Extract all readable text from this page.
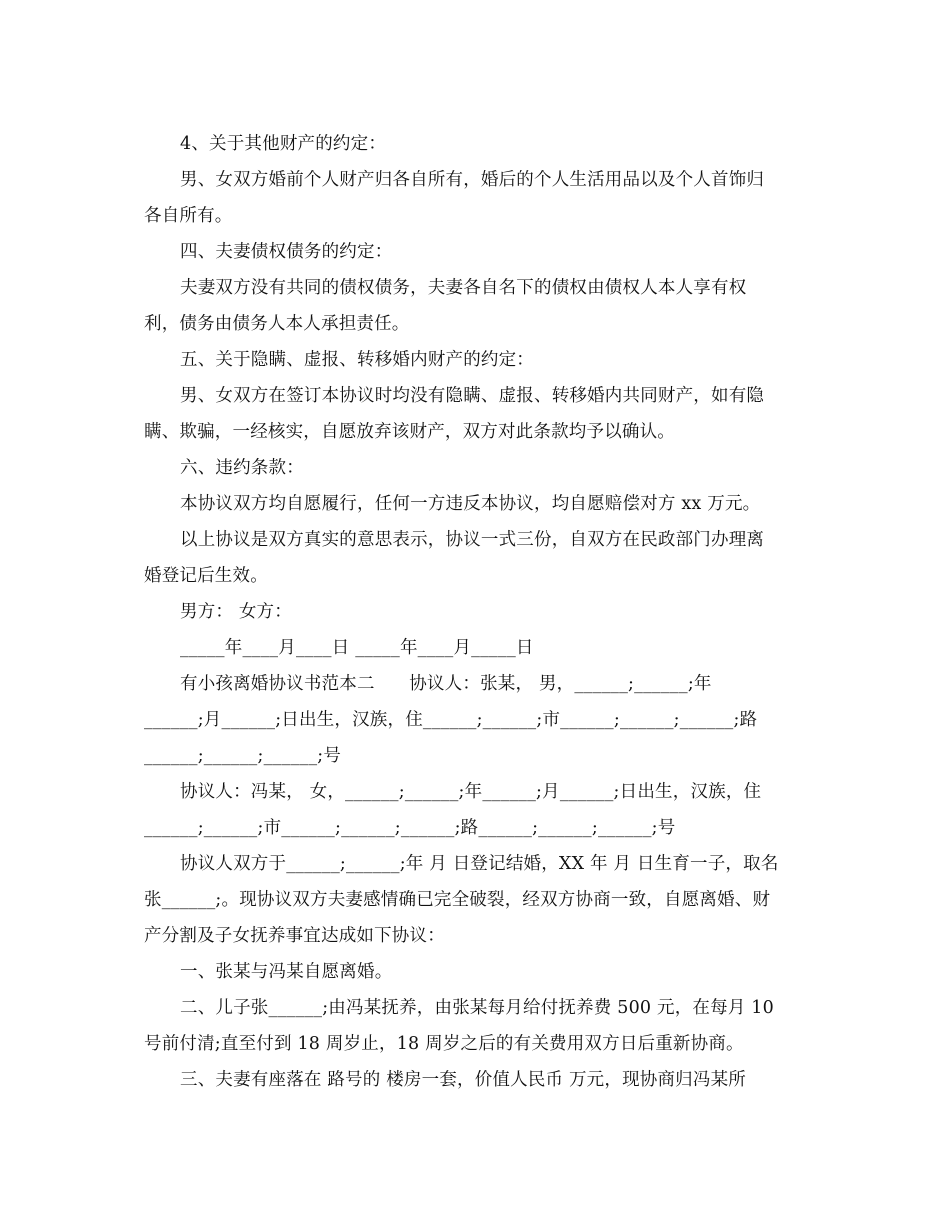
4、关于其他财产的约定：
男、女双方婚前个人财产归各自所有，婚后的个人生活用品以及个人首饰归
各自所有。
四、夫妻债权债务的约定：
夫妻双方没有共同的债权债务，夫妻各自名下的债权由债权人本人享有权
利，债务由债务人本人承担责任。
五、关于隐瞒、虚报、转移婚内财产的约定：
男、女双方在签订本协议时均没有隐瞒、虚报、转移婚内共同财产，如有隐
瞒、欺骗，一经核实，自愿放弃该财产，双方对此条款均予以确认。
六、违约条款：
本协议双方均自愿履行，任何一方违反本协议，均自愿赔偿对方 xx 万元。
以上协议是双方真实的意思表示，协议一式三份，自双方在民政部门办理离
婚登记后生效。
男方： 女方：
_____年____月____日 _____年____月_____日
有小孩离婚协议书范本二      协议人：张某， 男，______;______;年
______;月______;日出生，汉族，住______;______;市______;______;______;路
______;______;______;号
协议人：冯某， 女，______;______;年______;月______;日出生，汉族，住
______;______;市______;______;______;路______;______;______;号
协议人双方于______;______;年 月 日登记结婚，XX 年 月 日生育一子，取名
张______;。现协议双方夫妻感情确已完全破裂，经双方协商一致，自愿离婚、财
产分割及子女抚养事宜达成如下协议：
一、张某与冯某自愿离婚。
二、儿子张______;由冯某抚养，由张某每月给付抚养费 500 元，在每月 10
号前付清;直至付到 18 周岁止，18 周岁之后的有关费用双方日后重新协商。
三、夫妻有座落在 路号的 楼房一套，价值人民币 万元，现协商归冯某所
